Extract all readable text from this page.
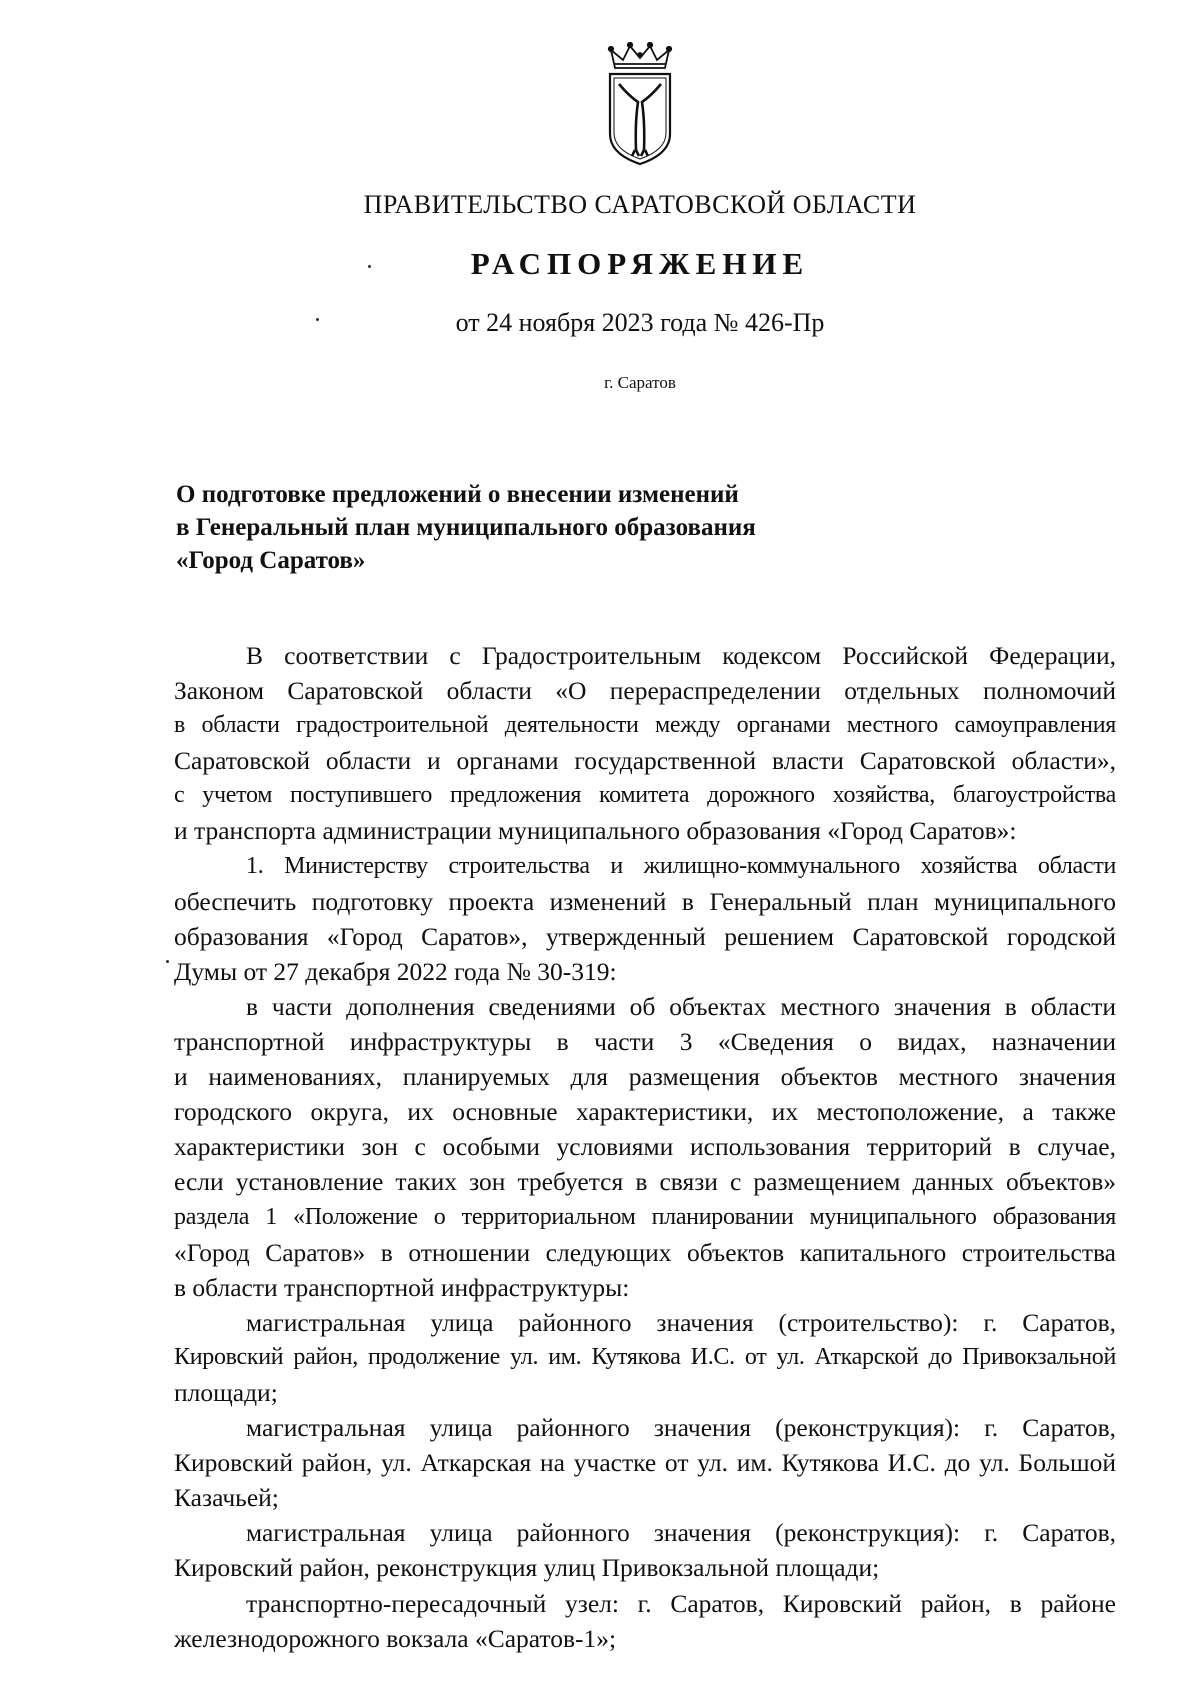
ПРАВИТЕЛЬСТВО САРАТОВСКОЙ ОБЛАСТИ
РАСПОРЯЖЕНИЕ
от 24 ноября 2023 года № 426-Пр
г. Саратов
О подготовке предложений о внесении изменений
в Генеральный план муниципального образования
«Город Саратов»
В соответствии с Градостроительным кодексом Российской Федерации,
Законом Саратовской области «О перераспределении отдельных полномочий
в области градостроительной деятельности между органами местного самоуправления
Саратовской области и органами государственной власти Саратовской области»,
с учетом поступившего предложения комитета дорожного хозяйства, благоустройства
и транспорта администрации муниципального образования «Город Саратов»:
1. Министерству строительства и жилищно-коммунального хозяйства области
обеспечить подготовку проекта изменений в Генеральный план муниципального
образования «Город Саратов», утвержденный решением Саратовской городской
Думы от 27 декабря 2022 года № 30-319:
в части дополнения сведениями об объектах местного значения в области
транспортной инфраструктуры в части 3 «Сведения о видах, назначении
и наименованиях, планируемых для размещения объектов местного значения
городского округа, их основные характеристики, их местоположение, а также
характеристики зон с особыми условиями использования территорий в случае,
если установление таких зон требуется в связи с размещением данных объектов»
раздела 1 «Положение о территориальном планировании муниципального образования
«Город Саратов» в отношении следующих объектов капитального строительства
в области транспортной инфраструктуры:
магистральная улица районного значения (строительство): г. Саратов,
Кировский район, продолжение ул. им. Кутякова И.С. от ул. Аткарской до Привокзальной
площади;
магистральная улица районного значения (реконструкция): г. Саратов,
Кировский район, ул. Аткарская на участке от ул. им. Кутякова И.С. до ул. Большой
Казачьей;
магистральная улица районного значения (реконструкция): г. Саратов,
Кировский район, реконструкция улиц Привокзальной площади;
транспортно-пересадочный узел: г. Саратов, Кировский район, в районе
железнодорожного вокзала «Саратов-1»;
